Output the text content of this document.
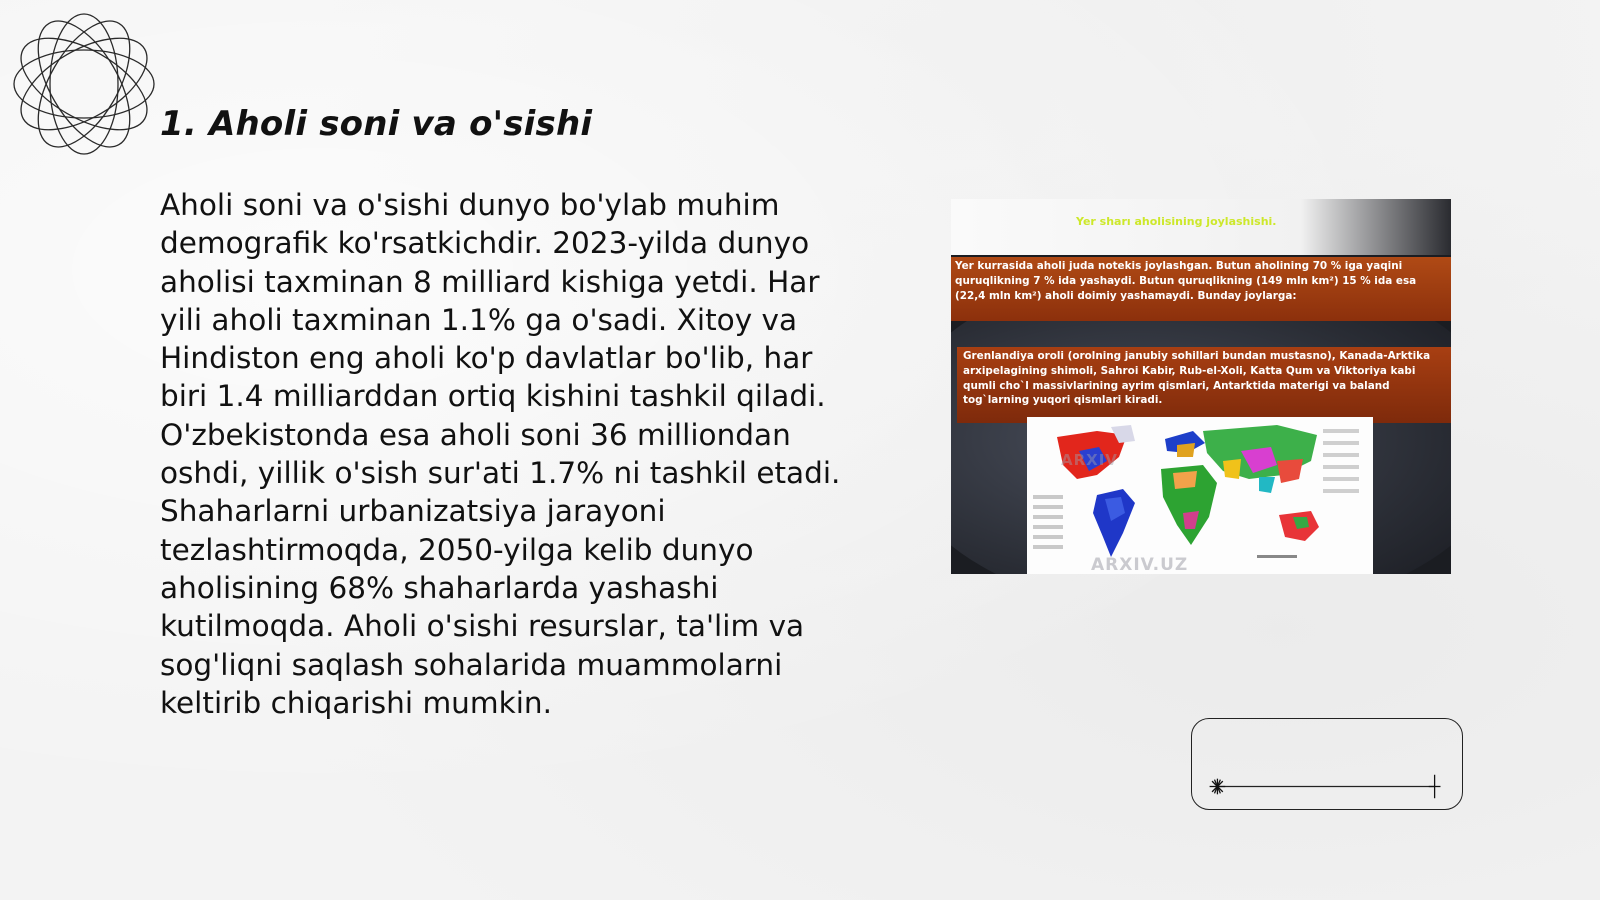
1. Aholi soni va o'sishi

Aholi soni va o'sishi dunyo bo'ylab muhim demografik ko'rsatkichdir. 2023-yilda dunyo aholisi taxminan 8 milliard kishiga yetdi. Har yili aholi taxminan 1.1% ga o'sadi. Xitoy va Hindiston eng aholi ko'p davlatlar bo'lib, har biri 1.4 milliarddan ortiq kishini tashkil qiladi. O'zbekistonda esa aholi soni 36 milliondan oshdi, yillik o'sish sur'ati 1.7% ni tashkil etadi. Shaharlarni urbanizatsiya jarayoni tezlashtirmoqda, 2050-yilga kelib dunyo aholisining 68% shaharlarda yashashi kutilmoqda. Aholi o'sishi resurslar, ta'lim va sog'liqni saqlash sohalarida muammolarni keltirib chiqarishi mumkin.

Yer sharı aholisining joylashishi.
Yer kurrasida aholi juda notekis joylashgan. Butun aholining 70 % iga yaqini quruqlikning 7 % ida yashaydi. Butun quruqlikning (149 mln km²) 15 % ida esa (22,4 mln km²) aholi doimiy yashamaydi. Bunday joylarga:
Grenlandiya oroli (orolning janubiy sohillari bundan mustasno), Kanada-Arktika arxipelagining shimoli, Sahroi Kabir, Rub-el-Xoli, Katta Qum va Viktoriya kabi qumli cho`l massivlarining ayrim qismlari, Antarktida materigi va baland tog`larning yuqori qismlari kiradi.
ARXIV
ARXIV.UZ
